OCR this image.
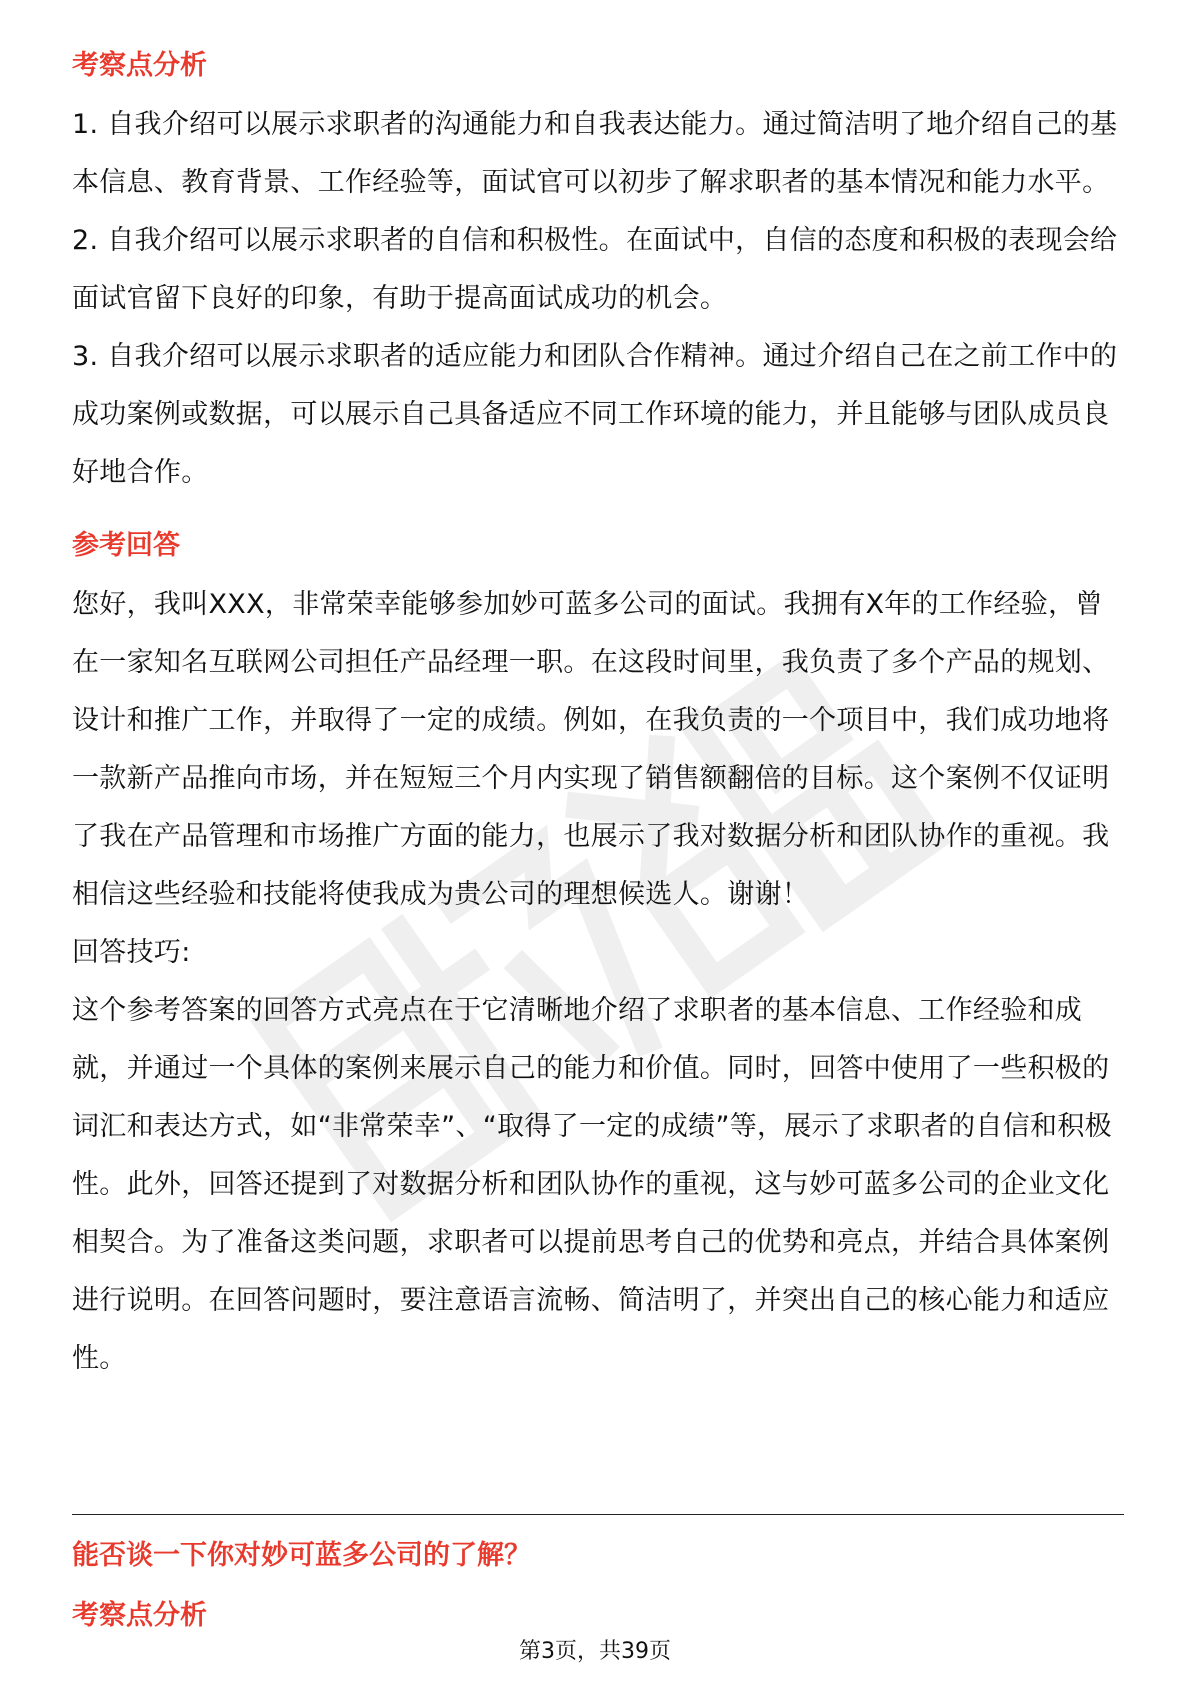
考察点分析

1. 自我介绍可以展示求职者的沟通能力和自我表达能力。通过简洁明了地介绍自己的基本信息、教育背景、工作经验等，面试官可以初步了解求职者的基本情况和能力水平。

2. 自我介绍可以展示求职者的自信和积极性。在面试中，自信的态度和积极的表现会给面试官留下良好的印象，有助于提高面试成功的机会。

3. 自我介绍可以展示求职者的适应能力和团队合作精神。通过介绍自己在之前工作中的成功案例或数据，可以展示自己具备适应不同工作环境的能力，并且能够与团队成员良好地合作。

参考回答

您好，我叫XXX，非常荣幸能够参加妙可蓝多公司的面试。我拥有X年的工作经验，曾在一家知名互联网公司担任产品经理一职。在这段时间里，我负责了多个产品的规划、设计和推广工作，并取得了一定的成绩。例如，在我负责的一个项目中，我们成功地将一款新产品推向市场，并在短短三个月内实现了销售额翻倍的目标。这个案例不仅证明了我在产品管理和市场推广方面的能力，也展示了我对数据分析和团队协作的重视。我相信这些经验和技能将使我成为贵公司的理想候选人。谢谢！

回答技巧:

这个参考答案的回答方式亮点在于它清晰地介绍了求职者的基本信息、工作经验和成就，并通过一个具体的案例来展示自己的能力和价值。同时，回答中使用了一些积极的词汇和表达方式，如“非常荣幸”、“取得了一定的成绩”等，展示了求职者的自信和积极性。此外，回答还提到了对数据分析和团队协作的重视，这与妙可蓝多公司的企业文化相契合。为了准备这类问题，求职者可以提前思考自己的优势和亮点，并结合具体案例进行说明。在回答问题时，要注意语言流畅、简洁明了，并突出自己的核心能力和适应性。

能否谈一下你对妙可蓝多公司的了解？
考察点分析
第3页，共39页
